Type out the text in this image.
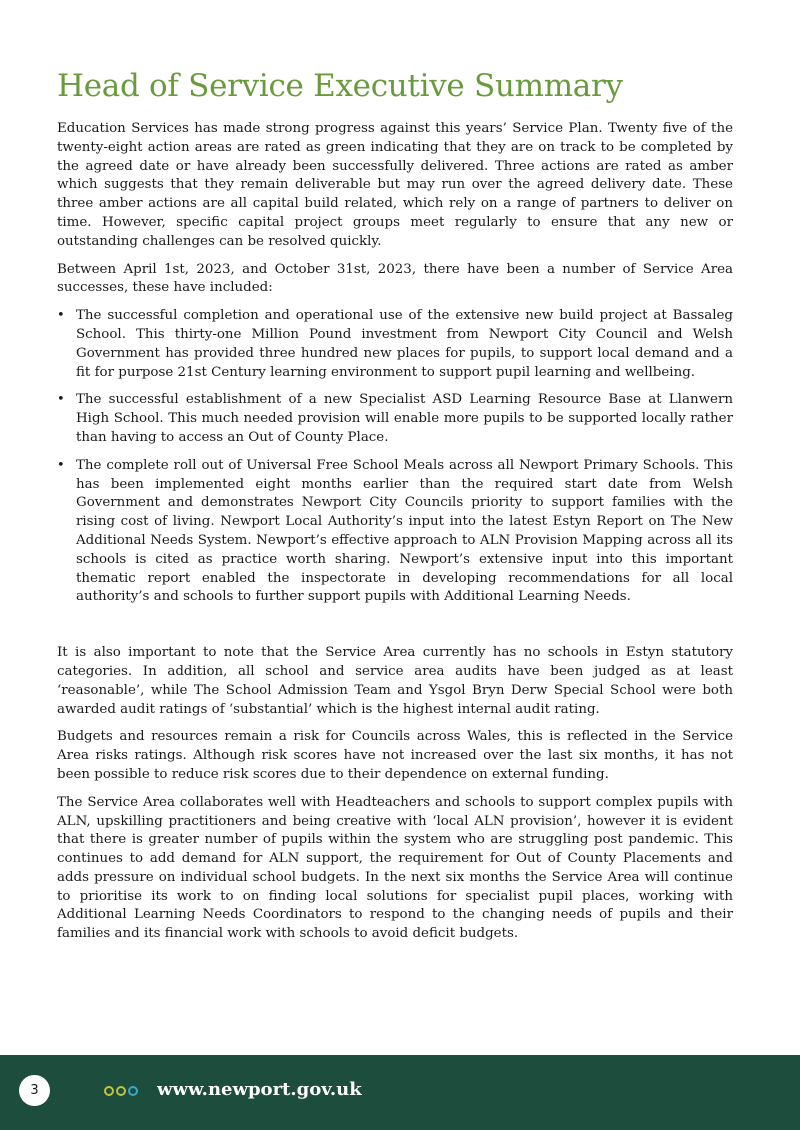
Head of Service Executive Summary

Education Services has made strong progress against this years’ Service Plan. Twenty five of the twenty-eight action areas are rated as green indicating that they are on track to be completed by the agreed date or have already been successfully delivered. Three actions are rated as amber which suggests that they remain deliverable but may run over the agreed delivery date. These three amber actions are all capital build related, which rely on a range of partners to deliver on time. However, specific capital project groups meet regularly to ensure that any new or outstanding challenges can be resolved quickly.

Between April 1st, 2023, and October 31st, 2023, there have been a number of Service Area successes, these have included:

• The successful completion and operational use of the extensive new build project at Bassaleg School. This thirty-one Million Pound investment from Newport City Council and Welsh Government has provided three hundred new places for pupils, to support local demand and a fit for purpose 21st Century learning environment to support pupil learning and wellbeing.
• The successful establishment of a new Specialist ASD Learning Resource Base at Llanwern High School. This much needed provision will enable more pupils to be supported locally rather than having to access an Out of County Place.
• The complete roll out of Universal Free School Meals across all Newport Primary Schools. This has been implemented eight months earlier than the required start date from Welsh Government and demonstrates Newport City Councils priority to support families with the rising cost of living. Newport Local Authority’s input into the latest Estyn Report on The New Additional Needs System. Newport’s effective approach to ALN Provision Mapping across all its schools is cited as practice worth sharing. Newport’s extensive input into this important thematic report enabled the inspectorate in developing recommendations for all local authority’s and schools to further support pupils with Additional Learning Needs.

It is also important to note that the Service Area currently has no schools in Estyn statutory categories. In addition, all school and service area audits have been judged as at least ‘reasonable’, while The School Admission Team and Ysgol Bryn Derw Special School were both awarded audit ratings of ‘substantial’ which is the highest internal audit rating.

Budgets and resources remain a risk for Councils across Wales, this is reflected in the Service Area risks ratings. Although risk scores have not increased over the last six months, it has not been possible to reduce risk scores due to their dependence on external funding.

The Service Area collaborates well with Headteachers and schools to support complex pupils with ALN, upskilling practitioners and being creative with ‘local ALN provision’, however it is evident that there is greater number of pupils within the system who are struggling post pandemic. This continues to add demand for ALN support, the requirement for Out of County Placements and adds pressure on individual school budgets. In the next six months the Service Area will continue to prioritise its work to on finding local solutions for specialist pupil places, working with Additional Learning Needs Coordinators to respond to the changing needs of pupils and their families and its financial work with schools to avoid deficit budgets.

3	www.newport.gov.uk
